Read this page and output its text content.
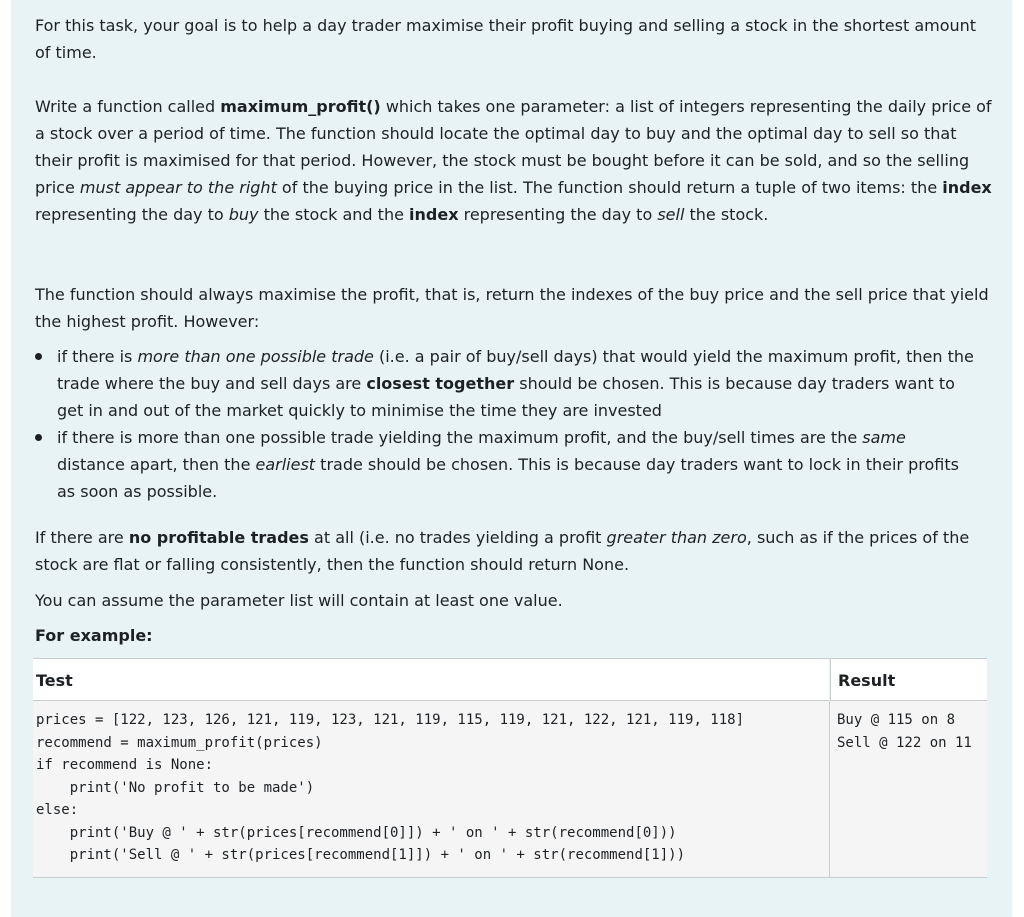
For this task, your goal is to help a day trader maximise their profit buying and selling a stock in the shortest amount of time.

Write a function called maximum_profit() which takes one parameter: a list of integers representing the daily price of a stock over a period of time. The function should locate the optimal day to buy and the optimal day to sell so that their profit is maximised for that period. However, the stock must be bought before it can be sold, and so the selling price must appear to the right of the buying price in the list. The function should return a tuple of two items: the index representing the day to buy the stock and the index representing the day to sell the stock.

The function should always maximise the profit, that is, return the indexes of the buy price and the sell price that yield the highest profit. However:

if there is more than one possible trade (i.e. a pair of buy/sell days) that would yield the maximum profit, then the trade where the buy and sell days are closest together should be chosen. This is because day traders want to get in and out of the market quickly to minimise the time they are invested
if there is more than one possible trade yielding the maximum profit, and the buy/sell times are the same distance apart, then the earliest trade should be chosen. This is because day traders want to lock in their profits as soon as possible.

If there are no profitable trades at all (i.e. no trades yielding a profit greater than zero, such as if the prices of the stock are flat or falling consistently, then the function should return None.

You can assume the parameter list will contain at least one value.

For example:

Test	Result
prices = [122, 123, 126, 121, 119, 123, 121, 119, 115, 119, 121, 122, 121, 119, 118]
recommend = maximum_profit(prices)
if recommend is None:
print('No profit to be made')
else:
print('Buy @ ' + str(prices[recommend[0]]) + ' on ' + str(recommend[0]))
print('Sell @ ' + str(prices[recommend[1]]) + ' on ' + str(recommend[1]))
Buy @ 115 on 8
Sell @ 122 on 11
